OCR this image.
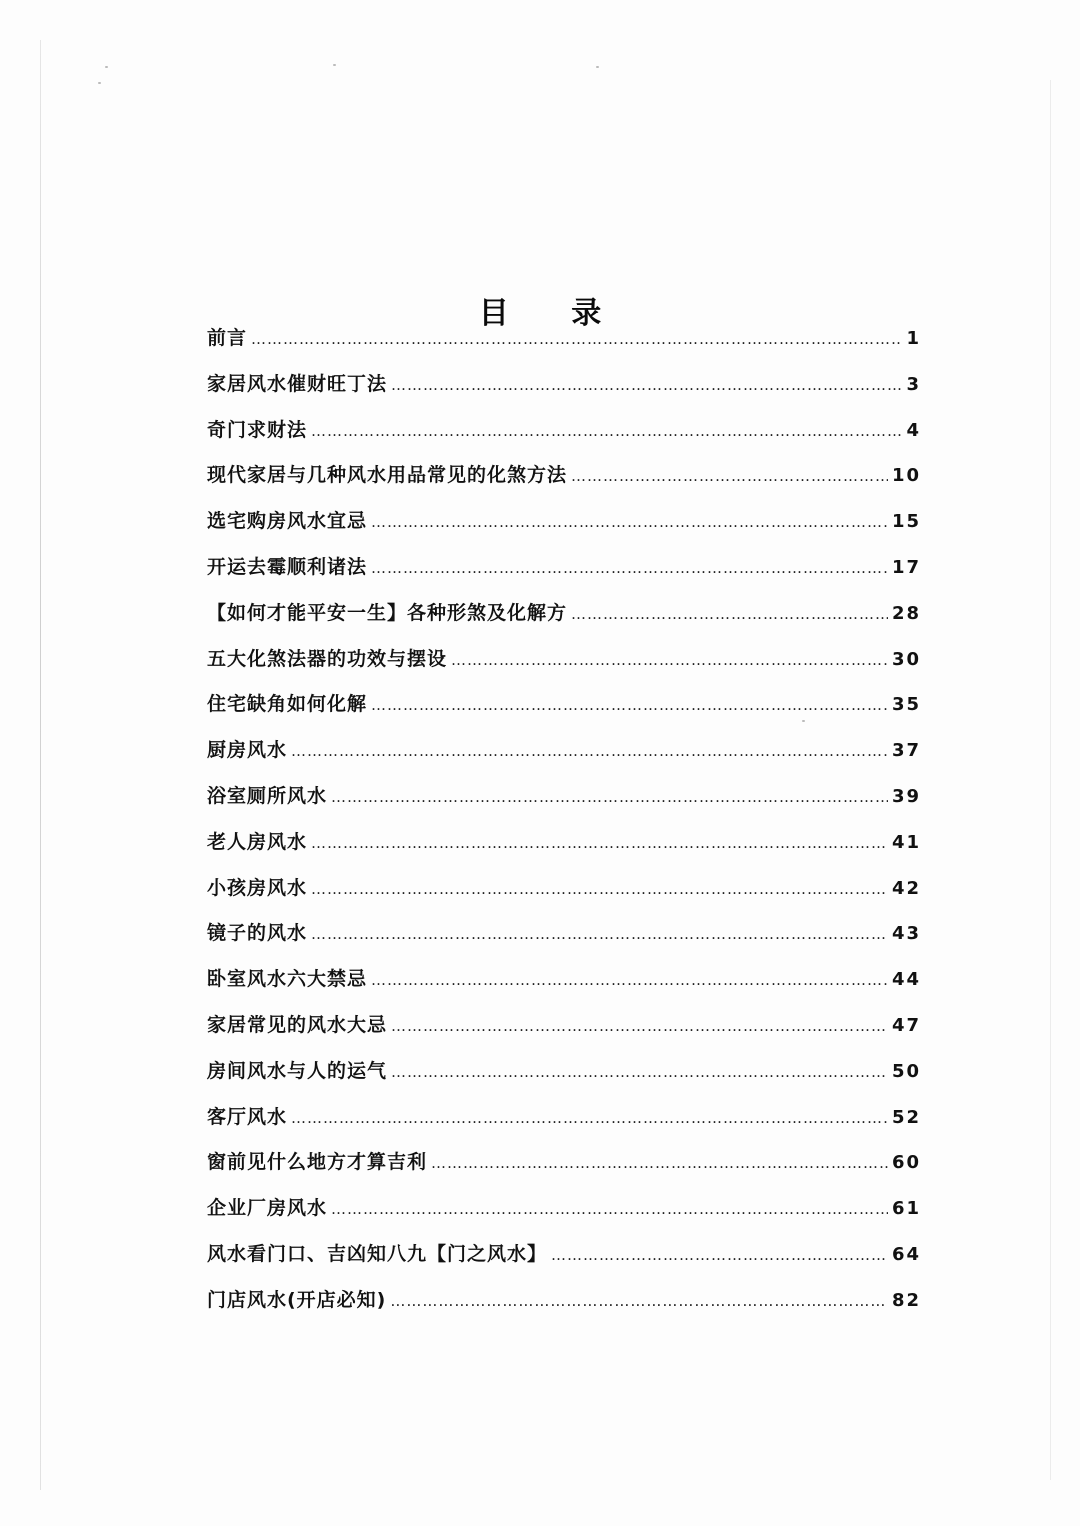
目 录
前言 ……………………………………………………………………………………………………………………………………………………………………………………	1
家居风水催财旺丁法 ……………………………………………………………………………………………………………………………………………………………………………………	3
奇门求财法 ……………………………………………………………………………………………………………………………………………………………………………………	4
现代家居与几种风水用品常见的化煞方法 ……………………………………………………………………………………………………………………………………………………………………………………	10
选宅购房风水宜忌 ……………………………………………………………………………………………………………………………………………………………………………………	15
开运去霉顺利诸法 ……………………………………………………………………………………………………………………………………………………………………………………	17
【如何才能平安一生】各种形煞及化解方 ……………………………………………………………………………………………………………………………………………………………………………………	28
五大化煞法器的功效与摆设 ……………………………………………………………………………………………………………………………………………………………………………………	30
住宅缺角如何化解 ……………………………………………………………………………………………………………………………………………………………………………………	35
厨房风水 ……………………………………………………………………………………………………………………………………………………………………………………	37
浴室厕所风水 ……………………………………………………………………………………………………………………………………………………………………………………	39
老人房风水 ……………………………………………………………………………………………………………………………………………………………………………………	41
小孩房风水 ……………………………………………………………………………………………………………………………………………………………………………………	42
镜子的风水 ……………………………………………………………………………………………………………………………………………………………………………………	43
卧室风水六大禁忌 ……………………………………………………………………………………………………………………………………………………………………………………	44
家居常见的风水大忌 ……………………………………………………………………………………………………………………………………………………………………………………	47
房间风水与人的运气 ……………………………………………………………………………………………………………………………………………………………………………………	50
客厅风水 ……………………………………………………………………………………………………………………………………………………………………………………	52
窗前见什么地方才算吉利 ……………………………………………………………………………………………………………………………………………………………………………………	60
企业厂房风水 ……………………………………………………………………………………………………………………………………………………………………………………	61
风水看门口、吉凶知八九【门之风水】 ……………………………………………………………………………………………………………………………………………………………………………………	64
门店风水(开店必知) ……………………………………………………………………………………………………………………………………………………………………………………	82
